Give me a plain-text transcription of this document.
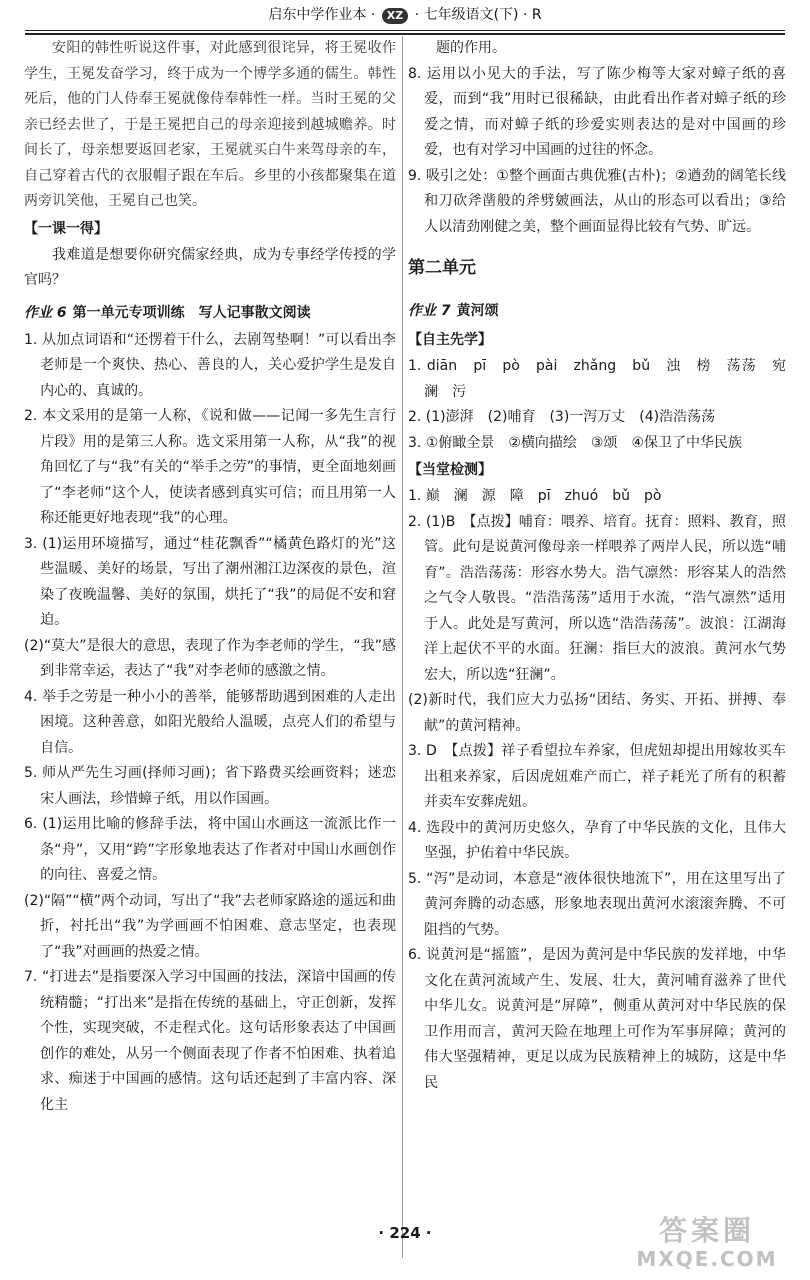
启东中学作业本 · XZ · 七年级语文(下) · R

安阳的韩性听说这件事，对此感到很诧异，将王冕收作学生，王冕发奋学习，终于成为一个博学多通的儒生。韩性死后，他的门人侍奉王冕就像侍奉韩性一样。当时王冕的父亲已经去世了，于是王冕把自己的母亲迎接到越城赡养。时间长了，母亲想要返回老家，王冕就买白牛来驾母亲的车，自己穿着古代的衣服帽子跟在车后。乡里的小孩都聚集在道两旁讥笑他，王冕自己也笑。

【一课一得】

我难道是想要你研究儒家经典，成为专事经学传授的学官吗？

作业 6 第一单元专项训练　写人记事散文阅读

1. 从加点词语和“还愣着干什么，去剧驾垫啊！”可以看出李老师是一个爽快、热心、善良的人，关心爱护学生是发自内心的、真诚的。

2. 本文采用的是第一人称，《说和做——记闻一多先生言行片段》用的是第三人称。选文采用第一人称，从“我”的视角回忆了与“我”有关的“举手之劳”的事情，更全面地刻画了“李老师”这个人，使读者感到真实可信；而且用第一人称还能更好地表现“我”的心理。

3. (1)运用环境描写，通过“桂花飘香”“橘黄色路灯的光”这些温暖、美好的场景，写出了潮州湘江边深夜的景色，渲染了夜晚温馨、美好的氛围，烘托了“我”的局促不安和窘迫。

(2)“莫大”是很大的意思，表现了作为李老师的学生，“我”感到非常幸运，表达了“我”对李老师的感激之情。

4. 举手之劳是一种小小的善举，能够帮助遇到困难的人走出困境。这种善意，如阳光般给人温暖，点亮人们的希望与自信。

5. 师从严先生习画(择师习画)；省下路费买绘画资料；迷恋宋人画法，珍惜蟑子纸，用以作国画。

6. (1)运用比喻的修辞手法，将中国山水画这一流派比作一条“舟”，又用“跨”字形象地表达了作者对中国山水画创作的向往、喜爱之情。

(2)“隔”“横”两个动词，写出了“我”去老师家路途的遥远和曲折，衬托出“我”为学画画不怕困难、意志坚定，也表现了“我”对画画的热爱之情。

7. “打进去”是指要深入学习中国画的技法，深谙中国画的传统精髓；“打出来”是指在传统的基础上，守正创新，发挥个性，实现突破，不走程式化。这句话形象表达了中国画创作的难处，从另一个侧面表现了作者不怕困难、执着追求、痴迷于中国画的感情。这句话还起到了丰富内容、深化主

题的作用。

8. 运用以小见大的手法，写了陈少梅等大家对蟑子纸的喜爱，而到“我”用时已很稀缺，由此看出作者对蟑子纸的珍爱之情，而对蟑子纸的珍爱实则表达的是对中国画的珍爱，也有对学习中国画的过往的怀念。

9. 吸引之处：①整个画面古典优雅(古朴)；②遒劲的阔笔长线和刀砍斧凿般的斧劈皴画法，从山的形态可以看出；③给人以清劲刚健之美，整个画面显得比较有气势、旷远。

第二单元

作业 7 黄河颂

【自主先学】

1. diān　pī　pò　pài　zhǎng　bǔ　浊　榜　荡荡　宛　澜　污

2. (1)澎湃　(2)哺育　(3)一泻万丈　(4)浩浩荡荡

3. ①俯瞰全景　②横向描绘　③颂　④保卫了中华民族

【当堂检测】

1. 巅　澜　源　障　pī　zhuó　bǔ　pò

2. (1)B　【点拨】哺育：喂养、培育。抚育：照料、教育，照管。此句是说黄河像母亲一样喂养了两岸人民，所以选“哺育”。浩浩荡荡：形容水势大。浩气凛然：形容某人的浩然之气令人敬畏。“浩浩荡荡”适用于水流，“浩气凛然”适用于人。此处是写黄河，所以选“浩浩荡荡”。波浪：江湖海洋上起伏不平的水面。狂澜：指巨大的波浪。黄河水气势宏大，所以选“狂澜”。

(2)新时代，我们应大力弘扬“团结、务实、开拓、拼搏、奉献”的黄河精神。

3. D　【点拨】祥子看望拉车养家，但虎妞却提出用嫁妆买车出租来养家，后因虎妞难产而亡，祥子耗光了所有的积蓄并卖车安葬虎妞。

4. 选段中的黄河历史悠久，孕育了中华民族的文化，且伟大坚强，护佑着中华民族。

5. “泻”是动词，本意是“液体很快地流下”，用在这里写出了黄河奔腾的动态感，形象地表现出黄河水滚滚奔腾、不可阻挡的气势。

6. 说黄河是“摇篮”，是因为黄河是中华民族的发祥地，中华文化在黄河流域产生、发展、壮大，黄河哺育滋养了世代中华儿女。说黄河是“屏障”，侧重从黄河对中华民族的保卫作用而言，黄河天险在地理上可作为军事屏障；黄河的伟大坚强精神，更足以成为民族精神上的城防，这是中华民

· 224 ·	答案圈
MXQE.COM
